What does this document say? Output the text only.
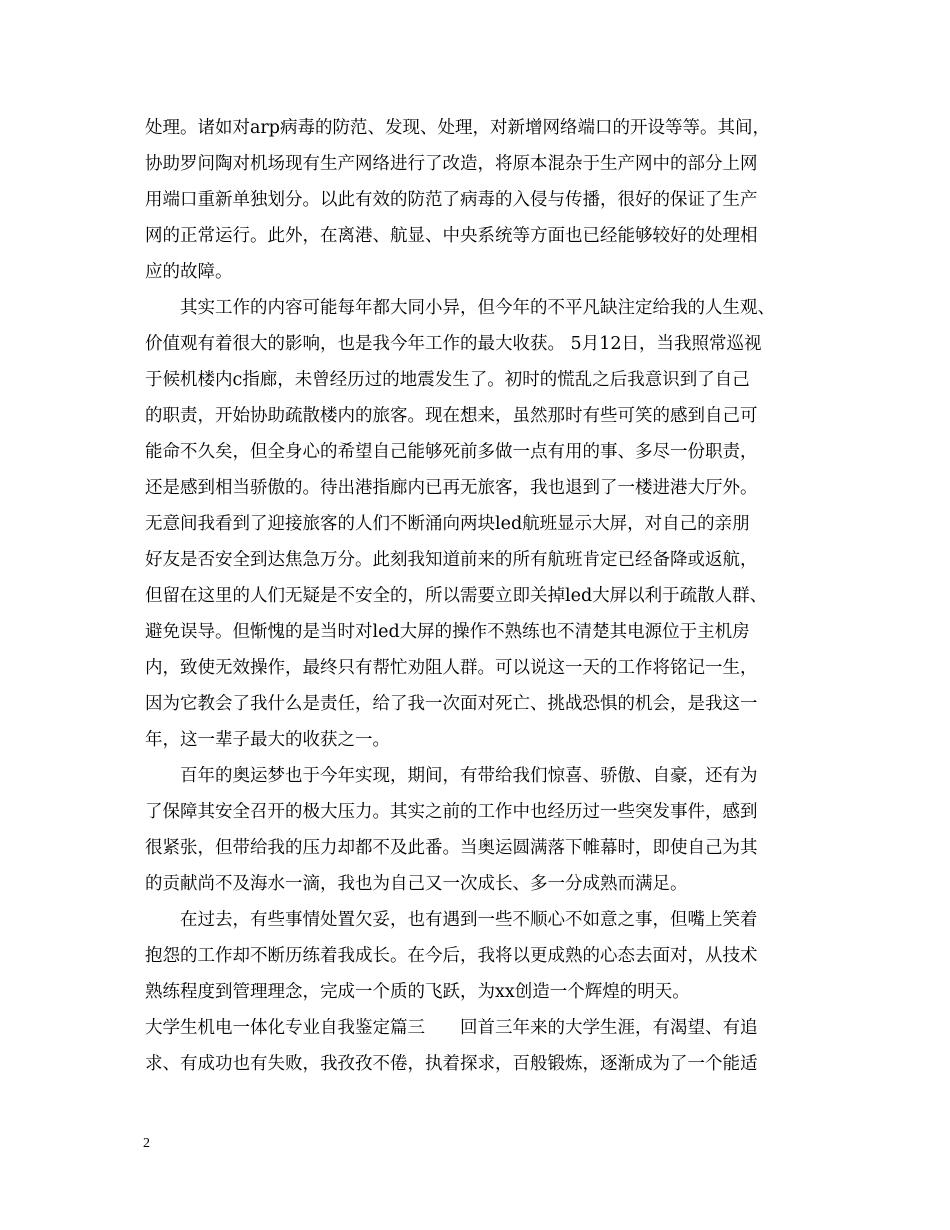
处理。诸如对arp病毒的防范、发现、处理，对新增网络端口的开设等等。其间，
协助罗问陶对机场现有生产网络进行了改造，将原本混杂于生产网中的部分上网
用端口重新单独划分。以此有效的防范了病毒的入侵与传播，很好的保证了生产
网的正常运行。此外，在离港、航显、中央系统等方面也已经能够较好的处理相
应的故障。
　　其实工作的内容可能每年都大同小异，但今年的不平凡缺注定给我的人生观、
价值观有着很大的影响，也是我今年工作的最大收获。 5月12日，当我照常巡视
于候机楼内c指廊，未曾经历过的地震发生了。初时的慌乱之后我意识到了自己
的职责，开始协助疏散楼内的旅客。现在想来，虽然那时有些可笑的感到自己可
能命不久矣，但全身心的希望自己能够死前多做一点有用的事、多尽一份职责，
还是感到相当骄傲的。待出港指廊内已再无旅客，我也退到了一楼进港大厅外。
无意间我看到了迎接旅客的人们不断涌向两块led航班显示大屏，对自己的亲朋
好友是否安全到达焦急万分。此刻我知道前来的所有航班肯定已经备降或返航，
但留在这里的人们无疑是不安全的，所以需要立即关掉led大屏以利于疏散人群、
避免误导。但惭愧的是当时对led大屏的操作不熟练也不清楚其电源位于主机房
内，致使无效操作，最终只有帮忙劝阻人群。可以说这一天的工作将铭记一生，
因为它教会了我什么是责任，给了我一次面对死亡、挑战恐惧的机会，是我这一
年，这一辈子最大的收获之一。
　　百年的奥运梦也于今年实现，期间，有带给我们惊喜、骄傲、自豪，还有为
了保障其安全召开的极大压力。其实之前的工作中也经历过一些突发事件，感到
很紧张，但带给我的压力却都不及此番。当奥运圆满落下帷幕时，即使自己为其
的贡献尚不及海水一滴，我也为自己又一次成长、多一分成熟而满足。
　　在过去，有些事情处置欠妥，也有遇到一些不顺心不如意之事，但嘴上笑着
抱怨的工作却不断历练着我成长。在今后，我将以更成熟的心态去面对，从技术
熟练程度到管理理念，完成一个质的飞跃，为xx创造一个辉煌的明天。
大学生机电一体化专业自我鉴定篇三　　回首三年来的大学生涯，有渴望、有追
求、有成功也有失败，我孜孜不倦，执着探求，百般锻炼，逐渐成为了一个能适
2
